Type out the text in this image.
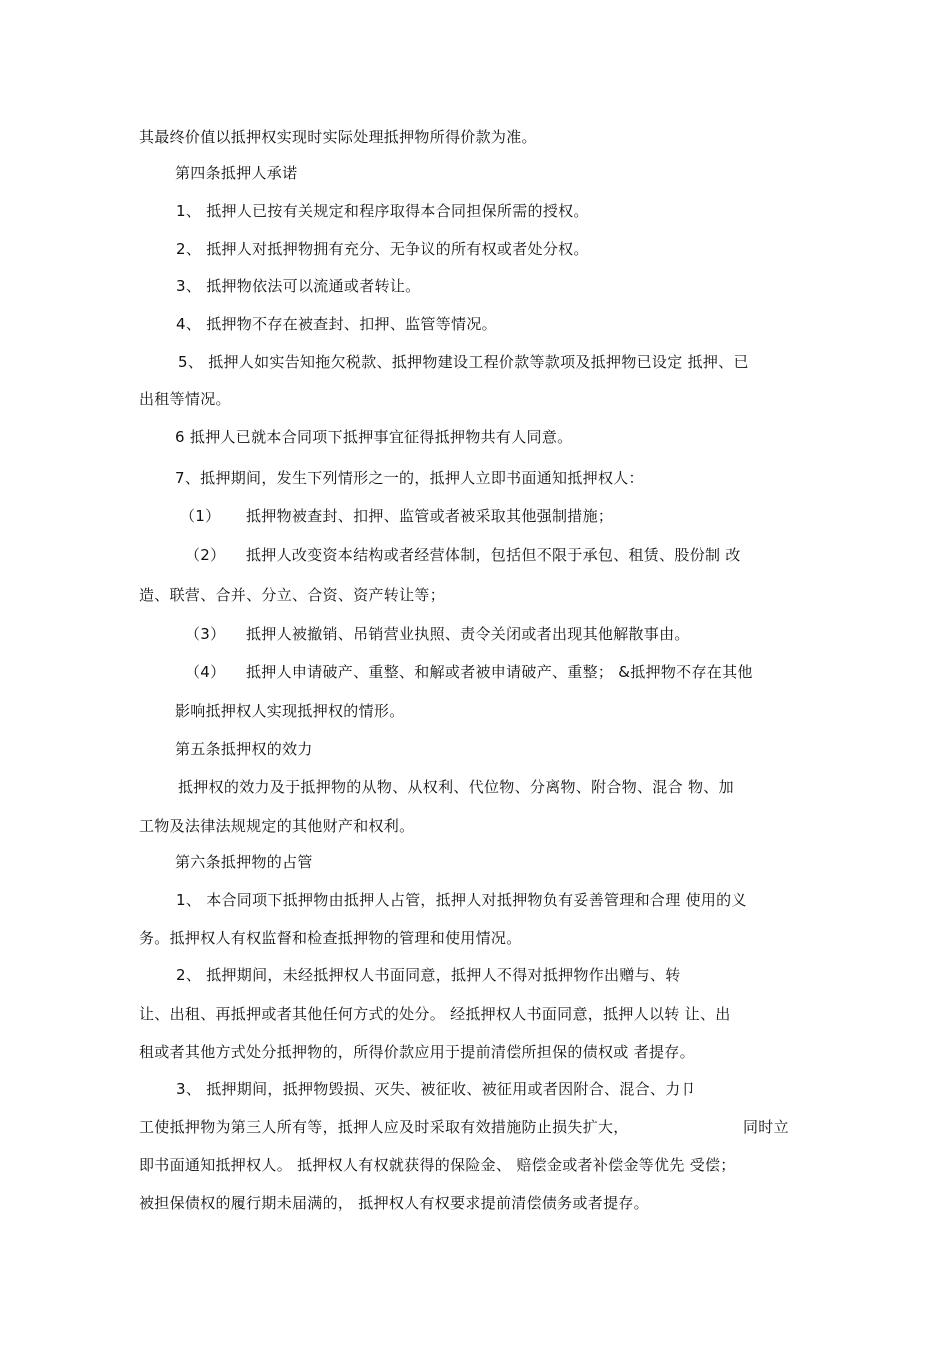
其最终价值以抵押权实现时实际处理抵押物所得价款为准。
第四条抵押人承诺
1、 抵押人已按有关规定和程序取得本合同担保所需的授权。
2、 抵押人对抵押物拥有充分、无争议的所有权或者处分权。
3、 抵押物依法可以流通或者转让。
4、 抵押物不存在被查封、扣押、监管等情况。
5、 抵押人如实告知拖欠税款、抵押物建设工程价款等款项及抵押物已设定 抵押、已
出租等情况。
6 抵押人已就本合同项下抵押事宜征得抵押物共有人同意。
7、抵押期间，发生下列情形之一的，抵押人立即书面通知抵押权人：
（1） 抵押物被查封、扣押、监管或者被采取其他强制措施；
（2） 抵押人改变资本结构或者经营体制，包括但不限于承包、租赁、股份制 改
造、联营、合并、分立、合资、资产转让等；
（3） 抵押人被撤销、吊销营业执照、责令关闭或者出现其他解散事由。
（4） 抵押人申请破产、重整、和解或者被申请破产、重整； &抵押物不存在其他
影响抵押权人实现抵押权的情形。
第五条抵押权的效力
抵押权的效力及于抵押物的从物、从权利、代位物、分离物、附合物、混合 物、加
工物及法律法规规定的其他财产和权利。
第六条抵押物的占管
1、 本合同项下抵押物由抵押人占管，抵押人对抵押物负有妥善管理和合理 使用的义
务。抵押权人有权监督和检查抵押物的管理和使用情况。
2、 抵押期间，未经抵押权人书面同意，抵押人不得对抵押物作出赠与、转
让、出租、再抵押或者其他任何方式的处分。 经抵押权人书面同意，抵押人以转 让、出
租或者其他方式处分抵押物的，所得价款应用于提前清偿所担保的债权或 者提存。
3、 抵押期间，抵押物毁损、灭失、被征收、被征用或者因附合、混合、力卩
工使抵押物为第三人所有等，抵押人应及时采取有效措施防止损失扩大，	同时立
即书面通知抵押权人。 抵押权人有权就获得的保险金、 赔偿金或者补偿金等优先 受偿；
被担保债权的履行期未届满的， 抵押权人有权要求提前清偿债务或者提存。
